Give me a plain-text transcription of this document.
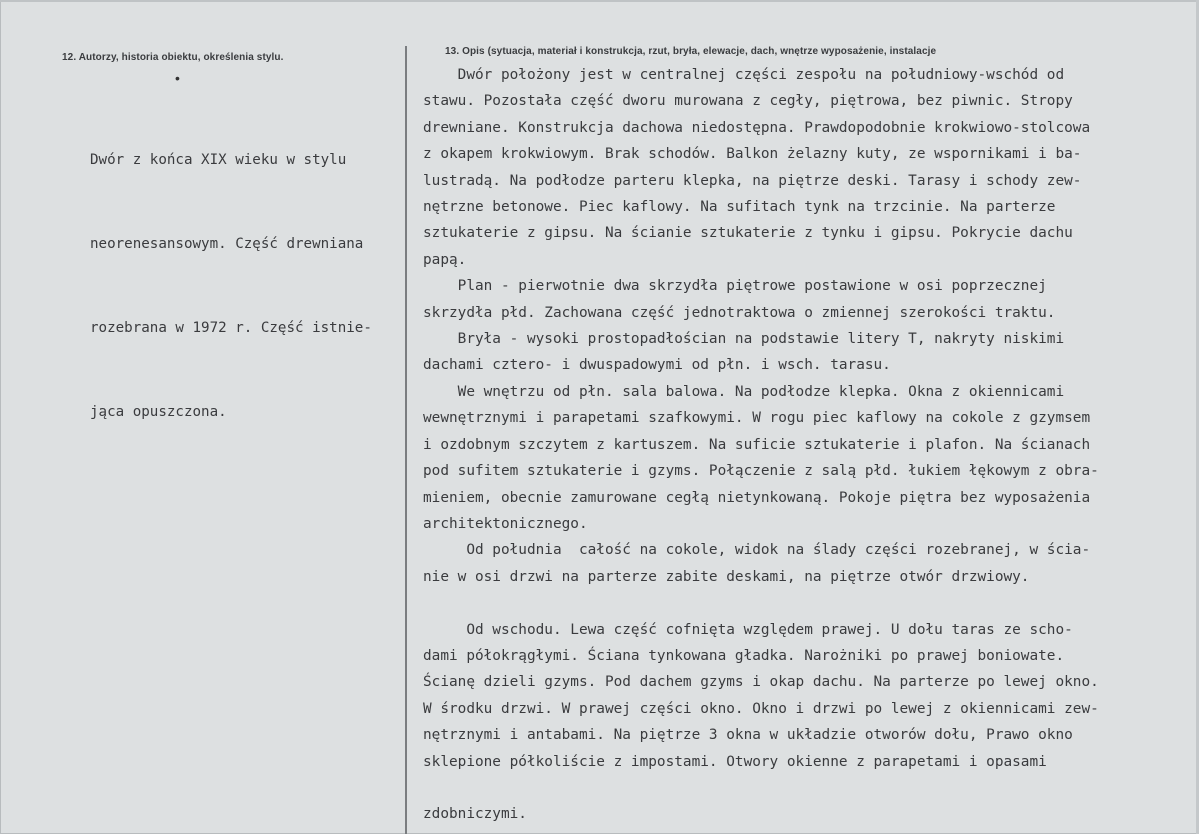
12. Autorzy, historia obiektu, określenia stylu.
13. Opis (sytuacja, materiał i konstrukcja, rzut, bryła, elewacje, dach, wnętrze wyposażenie, instalacje
•

Dwór z końca XIX wieku w stylu

neorenesansowym. Część drewniana

rozebrana w 1972 r. Część istnie-

jąca opuszczona.

Dwór położony jest w centralnej części zespołu na południowy-wschód od
stawu. Pozostała część dworu murowana z cegły, piętrowa, bez piwnic. Stropy
drewniane. Konstrukcja dachowa niedostępna. Prawdopodobnie krokwiowo-stolcowa
z okapem krokwiowym. Brak schodów. Balkon żelazny kuty, ze wspornikami i ba-
lustradą. Na podłodze parteru klepka, na piętrze deski. Tarasy i schody zew-
nętrzne betonowe. Piec kaflowy. Na sufitach tynk na trzcinie. Na parterze
sztukaterie z gipsu. Na ścianie sztukaterie z tynku i gipsu. Pokrycie dachu
papą.
Plan - pierwotnie dwa skrzydła piętrowe postawione w osi poprzecznej
skrzydła płd. Zachowana część jednotraktowa o zmiennej szerokości traktu.
Bryła - wysoki prostopadłościan na podstawie litery T, nakryty niskimi
dachami cztero- i dwuspadowymi od płn. i wsch. tarasu.
We wnętrzu od płn. sala balowa. Na podłodze klepka. Okna z okiennicami
wewnętrznymi i parapetami szafkowymi. W rogu piec kaflowy na cokole z gzymsem
i ozdobnym szczytem z kartuszem. Na suficie sztukaterie i plafon. Na ścianach
pod sufitem sztukaterie i gzyms. Połączenie z salą płd. łukiem łękowym z obra-
mieniem, obecnie zamurowane cegłą nietynkowaną. Pokoje piętra bez wyposażenia
architektonicznego.
Od południa  całość na cokole, widok na ślady części rozebranej, w ścia-
nie w osi drzwi na parterze zabite deskami, na piętrze otwór drzwiowy.
Od wschodu. Lewa część cofnięta względem prawej. U dołu taras ze scho-
dami półokrągłymi. Ściana tynkowana gładka. Narożniki po prawej boniowate.
Ścianę dzieli gzyms. Pod dachem gzyms i okap dachu. Na parterze po lewej okno.
W środku drzwi. W prawej części okno. Okno i drzwi po lewej z okiennicami zew-
nętrznymi i antabami. Na piętrze 3 okna w układzie otworów dołu, Prawo okno
sklepione półkoliście z impostami. Otwory okienne z parapetami i opasami
zdobniczymi.
